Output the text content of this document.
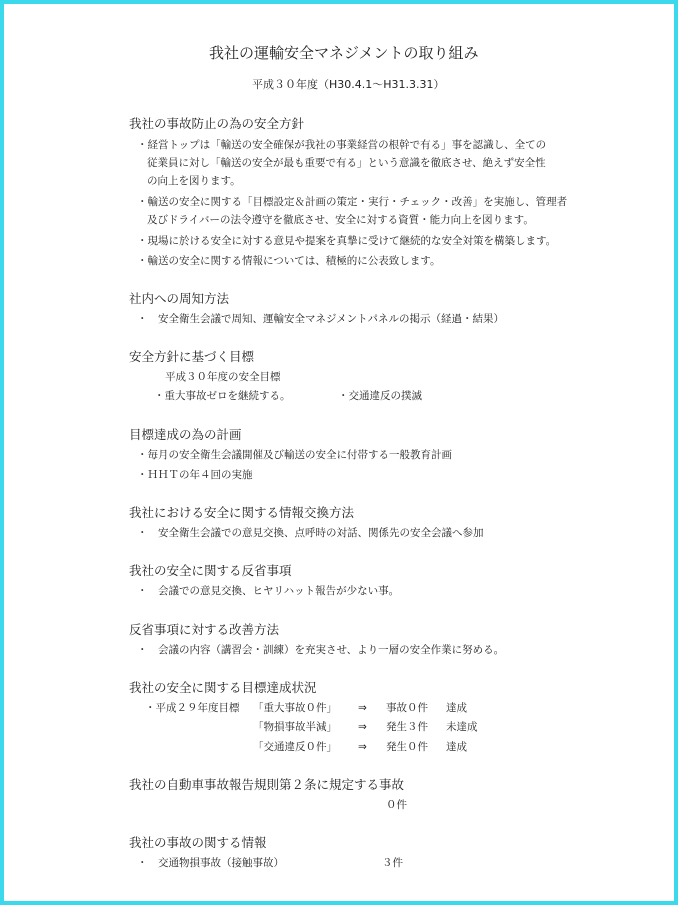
我社の運輸安全マネジメントの取り組み
平成３０年度（H30.4.1～H31.3.31）
我社の事故防止の為の安全方針
・経営トップは「輸送の安全確保が我社の事業経営の根幹で有る」事を認識し、全ての
従業員に対し「輸送の安全が最も重要で有る」という意識を徹底させ、絶えず安全性
の向上を図ります。
・輸送の安全に関する「目標設定＆計画の策定・実行・チェック・改善」を実施し、管理者
及びドライバーの法令遵守を徹底させ、安全に対する資質・能力向上を図ります。
・現場に於ける安全に対する意見や提案を真摯に受けて継続的な安全対策を構築します。
・輸送の安全に関する情報については、積極的に公表致します。
社内への周知方法
・　安全衛生会議で周知、運輸安全マネジメントパネルの掲示（経過・結果）
安全方針に基づく目標
平成３０年度の安全目標
・重大事故ゼロを継続する。	・交通違反の撲滅
目標達成の為の計画
・毎月の安全衛生会議開催及び輸送の安全に付帯する一般教育計画
・ＨＨＴの年４回の実施
我社における安全に関する情報交換方法
・　安全衛生会議での意見交換、点呼時の対話、関係先の安全会議へ参加
我社の安全に関する反省事項
・　会議での意見交換、ヒヤリハット報告が少ない事。
反省事項に対する改善方法
・　会議の内容（講習会・訓練）を充実させ、より一層の安全作業に努める。
我社の安全に関する目標達成状況
・平成２９年度目標 「重大事故０件」 ⇒ 事故０件 達成
「物損事故半減」 ⇒ 発生３件 未達成
「交通違反０件」 ⇒ 発生０件 達成
我社の自動車事故報告規則第２条に規定する事故
０件
我社の事故の関する情報
・　交通物損事故（接触事故）	３件
